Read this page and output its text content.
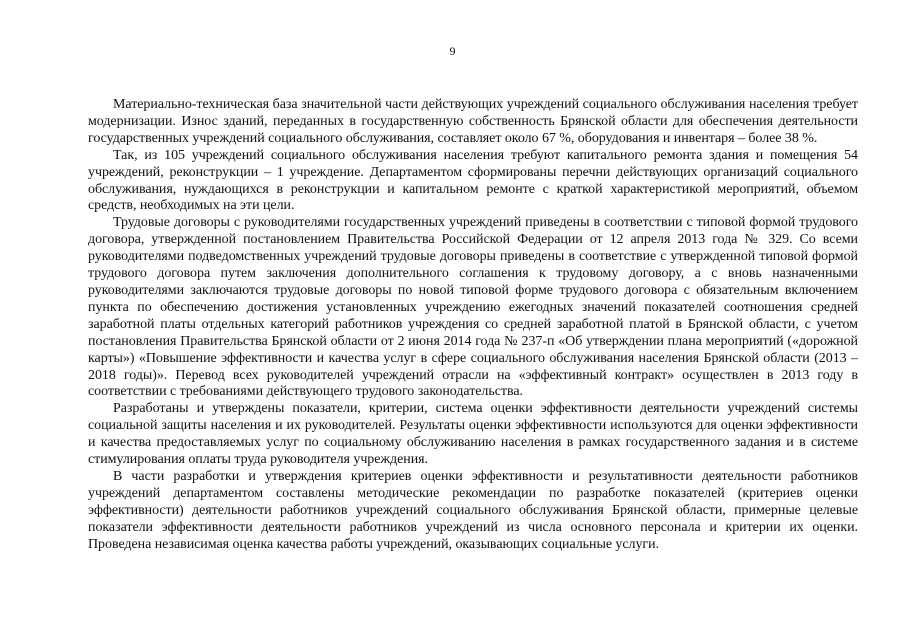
9

Материально-техническая база значительной части действующих учреждений социального обслуживания населения требует модернизации. Износ зданий, переданных в государственную собственность Брянской области для обеспечения деятельности государственных учреждений социального обслуживания, составляет около 67 %, оборудования и инвентаря – более 38 %.

Так, из 105 учреждений социального обслуживания населения требуют капитального ремонта здания и помещения 54 учреждений, реконструкции – 1 учреждение. Департаментом сформированы перечни действующих организаций социального обслуживания, нуждающихся в реконструкции и капитальном ремонте с краткой характеристикой мероприятий, объемом средств, необходимых на эти цели.

Трудовые договоры с руководителями государственных учреждений приведены в соответствии с типовой формой трудового договора, утвержденной постановлением Правительства Российской Федерации от 12 апреля 2013 года № 329. Со всеми руководителями подведомственных учреждений трудовые договоры приведены в соответствие с утвержденной типовой формой трудового договора путем заключения дополнительного соглашения к трудовому договору, а с вновь назначенными руководителями заключаются трудовые договоры по новой типовой форме трудового договора с обязательным включением пункта по обеспечению достижения установленных учреждению ежегодных значений показателей соотношения средней заработной платы отдельных категорий работников учреждения со средней заработной платой в Брянской области, с учетом постановления Правительства Брянской области от 2 июня 2014 года № 237-п «Об утверждении плана мероприятий («дорожной карты») «Повышение эффективности и качества услуг в сфере социального обслуживания населения Брянской области (2013 – 2018 годы)». Перевод всех руководителей учреждений отрасли на «эффективный контракт» осуществлен в 2013 году в соответствии с требованиями действующего трудового законодательства.

Разработаны и утверждены показатели, критерии, система оценки эффективности деятельности учреждений системы социальной защиты населения и их руководителей. Результаты оценки эффективности используются для оценки эффективности и качества предоставляемых услуг по социальному обслуживанию населения в рамках государственного задания и в системе стимулирования оплаты труда руководителя учреждения.

В части разработки и утверждения критериев оценки эффективности и результативности деятельности работников учреждений департаментом составлены методические рекомендации по разработке показателей (критериев оценки эффективности) деятельности работников учреждений социального обслуживания Брянской области, примерные целевые показатели эффективности деятельности работников учреждений из числа основного персонала и критерии их оценки. Проведена независимая оценка качества работы учреждений, оказывающих социальные услуги.
